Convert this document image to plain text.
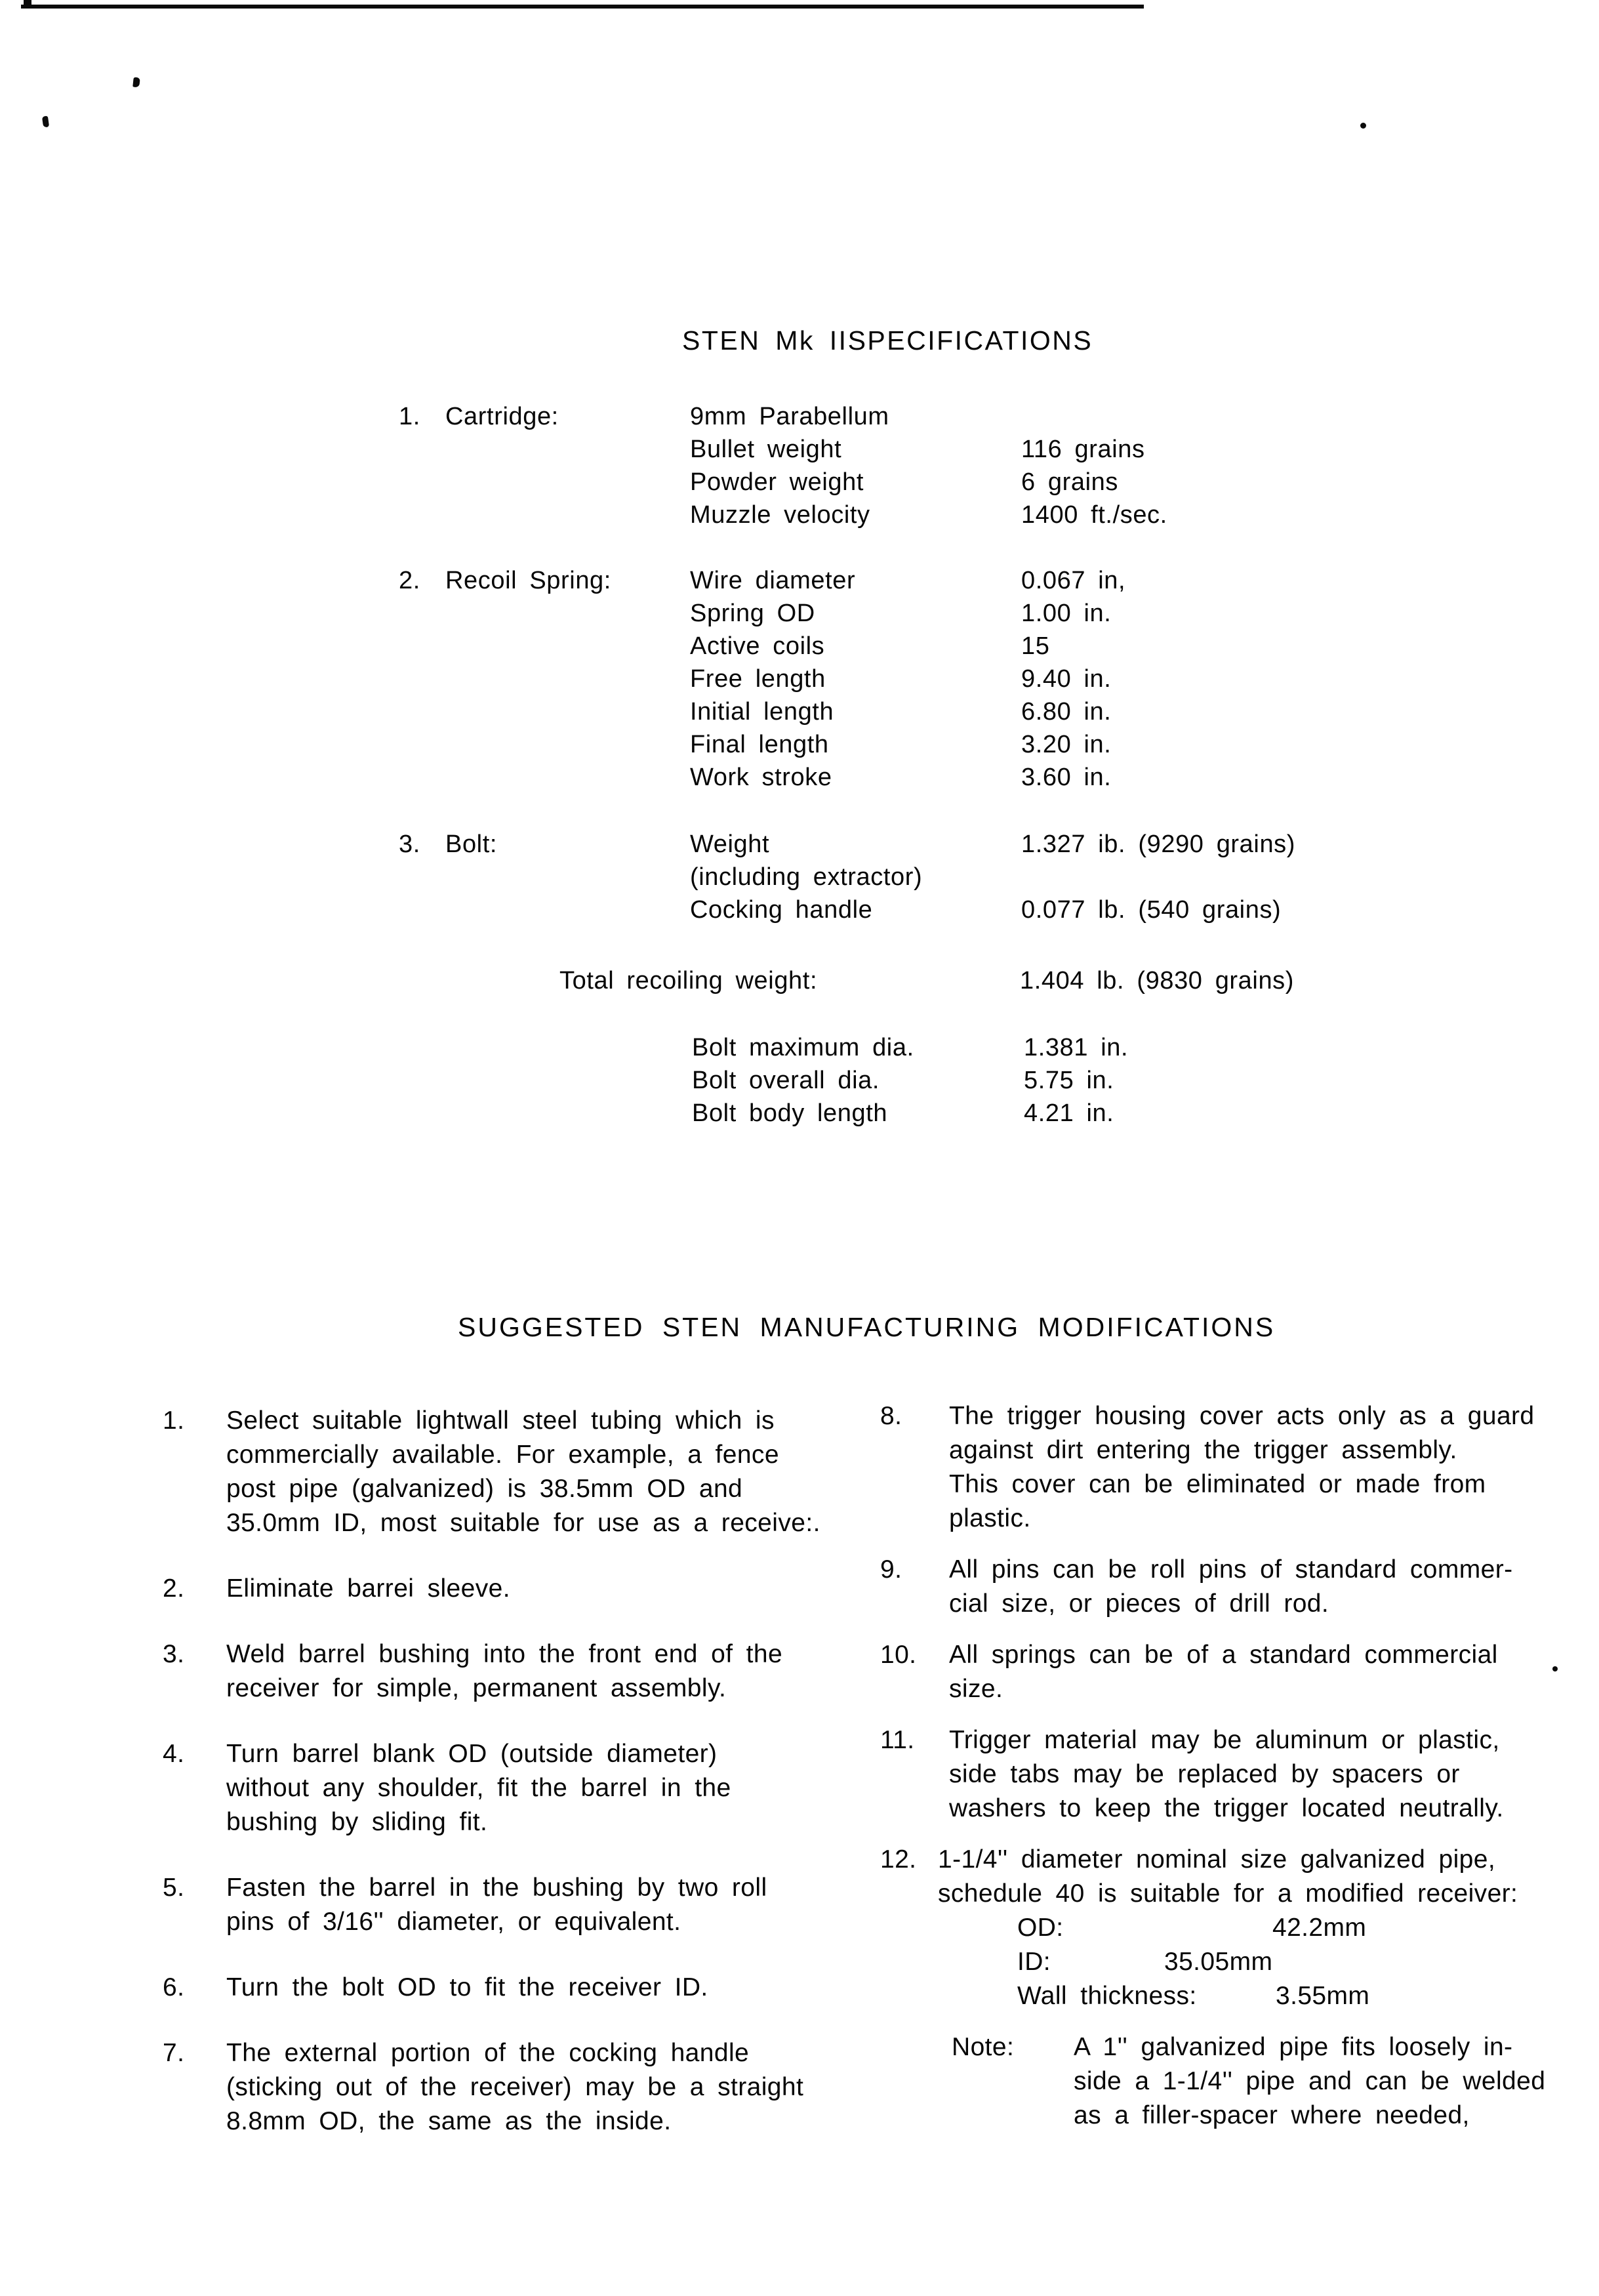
STEN Mk IISPECIFICATIONS
1. Cartridge:	9mm Parabellum
Bullet weight	116 grains
Powder weight	6 grains
Muzzle velocity	1400 ft./sec.
2. Recoil Spring:	Wire diameter	0.067 in,
Spring OD	1.00 in.
Active coils	15
Free length	9.40 in.
Initial length	6.80 in.
Final length	3.20 in.
Work stroke	3.60 in.
3. Bolt:	Weight	1.327 ib. (9290 grains)
(including extractor)
Cocking handle	0.077 lb. (540 grains)
Total recoiling weight:	1.404 lb. (9830 grains)
Bolt maximum dia.	1.381 in.
Bolt overall dia.	5.75 in.
Bolt body length	4.21 in.
SUGGESTED STEN MANUFACTURING MODIFICATIONS
1. Select suitable lightwall steel tubing which is
commercially available. For example, a fence
post pipe (galvanized) is 38.5mm OD and
35.0mm ID, most suitable for use as a receive:.
2. Eliminate barrei sleeve.
3. Weld barrel bushing into the front end of the
receiver for simple, permanent assembly.
4. Turn barrel blank OD (outside diameter)
without any shoulder, fit the barrel in the
bushing by sliding fit.
5. Fasten the barrel in the bushing by two roll
pins of 3/16'' diameter, or equivalent.
6. Turn the bolt OD to fit the receiver ID.
7. The external portion of the cocking handle
(sticking out of the receiver) may be a straight
8.8mm OD, the same as the inside.
8. The trigger housing cover acts only as a guard
against dirt entering the trigger assembly.
This cover can be eliminated or made from
plastic.
9. All pins can be roll pins of standard commer-
cial size, or pieces of drill rod.
10. All springs can be of a standard commercial
size.
11. Trigger material may be aluminum or plastic,
side tabs may be replaced by spacers or
washers to keep the trigger located neutrally.
12. 1-1/4'' diameter nominal size galvanized pipe,
schedule 40 is suitable for a modified receiver:
OD:	42.2mm
ID:	35.05mm
Wall thickness:	3.55mm
Note: A 1'' galvanized pipe fits loosely in-
side a 1-1/4'' pipe and can be welded
as a filler-spacer where needed,
